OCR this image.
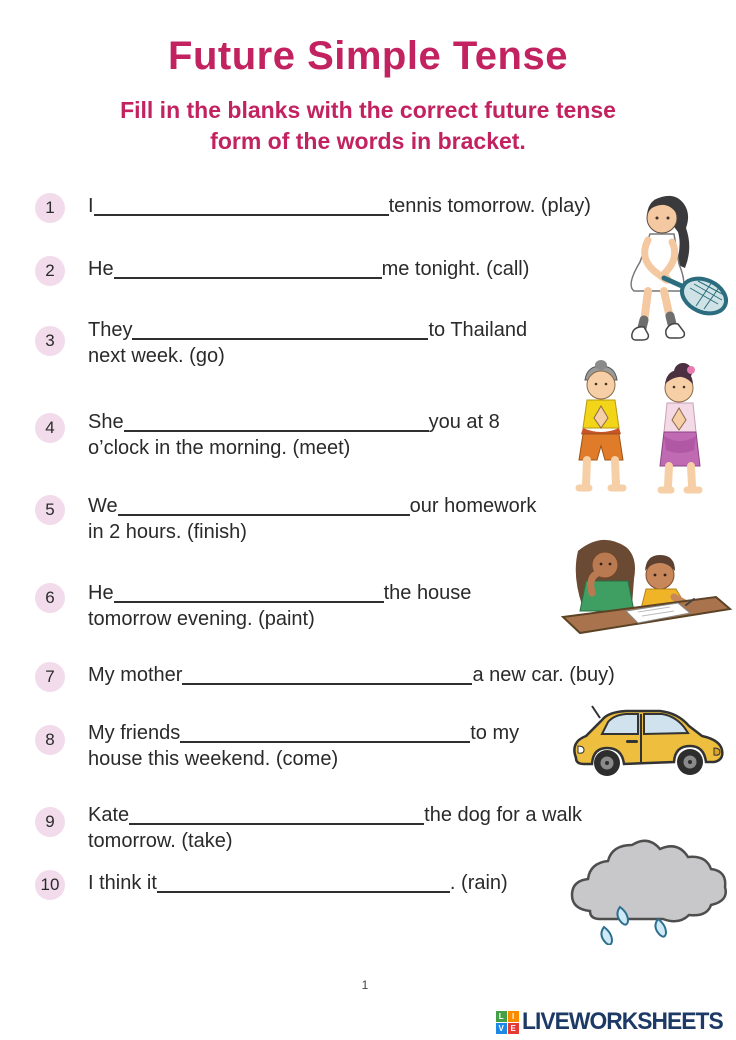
Future Simple Tense
Fill in the blanks with the correct future tense
form of the words in bracket.
1	I	tennis tomorrow. (play)
2	He	me tonight. (call)
3	They	to Thailand
next week. (go)
4	She	you at 8
o’clock in the morning. (meet)
5	We	our homework
in 2 hours. (finish)
6	He	the house
tomorrow evening. (paint)
7	My mother	a new car. (buy)
8	My friends	to my
house this weekend. (come)
9	Kate	the dog for a walk
tomorrow. (take)
10 I think it	. (rain)
1
L	I
V E LIVEWORKSHEETS
